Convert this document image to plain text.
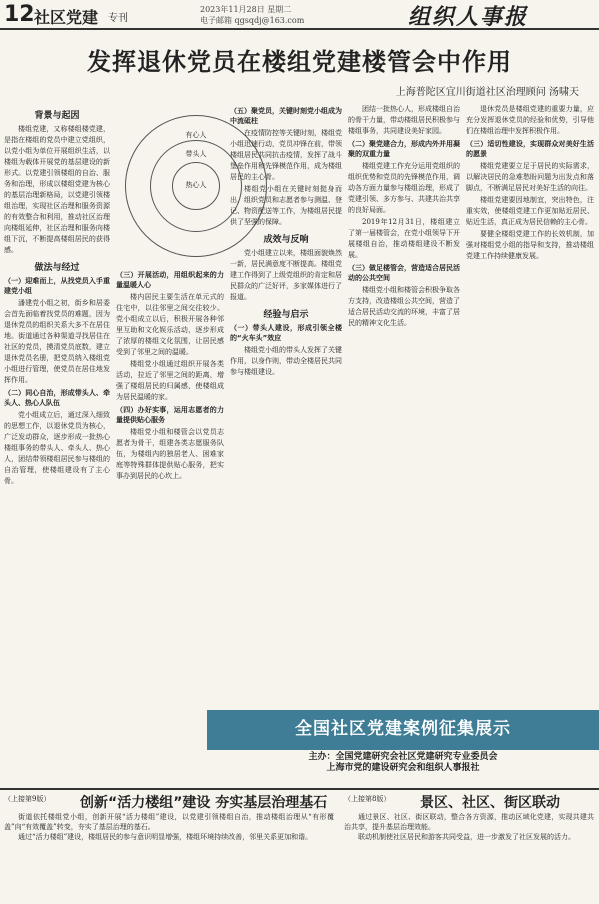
12 社区党建 专刊
2023年11月28日 星期二
电子邮箱 qgsqdj@163.com	组织人事报
发挥退休党员在楼组党建楼管会中作用
上海普陀区宜川街道社区治理顾问 汤啸天
背景与起因

楼组党建，又称楼组楼党建，是指在楼组的党员中建立党组织，以党小组为单位开展组织生活，以楼组为载体开展党的基层建设的新形式。以党建引领楼组的自治、服务和治理，形成以楼组党建为核心的基层治理新格局，以党建引领楼组治理，实现社区治理和服务资源的有效整合和利用，推动社区治理向楼组延伸，社区治理和服务向楼组下沉，不断提高楼组居民的获得感。

做法与经过
（一）迎难而上，从找党员入手重建党小组

潘建党小组之初，街乡和居委会首先面临着找党员的难题，因为退休党员的组织关系大多不在居住地。街道通过各种渠道寻找居住在社区的党员，摸清党员底数，建立退休党员名册，把党员纳入楼组党小组进行管理，使党员在居住地发挥作用。

（二）同心自治，形成带头人、牵头人、热心人队伍

党小组成立后，通过深入细致的思想工作，以退休党员为核心，广泛发动群众，逐步形成一批热心楼组事务的带头人、牵头人、热心人，团结带领楼组居民参与楼组的自治管理，使楼组建设有了主心骨。

有心人
带头人
热心人
（三）开展活动，用组织起来的力量温暖人心

楼内居民主要生活在单元式的住宅中，以往邻里之间交往较少。党小组成立以后，积极开展各种邻里互助和文化娱乐活动，逐步形成了浓厚的楼组文化氛围，让居民感受到了邻里之间的温暖。

楼组党小组通过组织开展各类活动，拉近了邻里之间的距离，增强了楼组居民的归属感，使楼组成为居民温暖的家。

（四）办好实事，运用志愿者的力量提供贴心服务

楼组党小组和楼管会以党员志愿者为骨干，组建各类志愿服务队伍，为楼组内的独居老人、困难家庭等特殊群体提供贴心服务，把实事办到居民的心坎上。

（五）聚党员，关键时刻党小组成为中流砥柱

在疫情防控等关键时刻，楼组党小组迅速行动，党员冲锋在前，带领楼组居民共同抗击疫情，发挥了战斗堡垒作用和先锋模范作用，成为楼组居民的主心骨。

楼组党小组在关键时刻挺身而出，组织党员和志愿者参与测温、登记、物资配送等工作，为楼组居民提供了坚强的保障。

成效与反响

党小组建立以来，楼组面貌焕然一新，居民满意度不断提高。楼组党建工作得到了上级党组织的肯定和居民群众的广泛好评，多家媒体进行了报道。

经验与启示
（一）带头人建设，形成引领全楼的“火车头”效应

楼组党小组的带头人发挥了关键作用，以身作则，带动全楼居民共同参与楼组建设。

团结一批热心人，形成楼组自治的骨干力量，带动楼组居民积极参与楼组事务，共同建设美好家园。

（二）聚党建合力，形成内外并用凝聚的双重力量

楼组党建工作充分运用党组织的组织优势和党员的先锋模范作用，调动各方面力量参与楼组治理，形成了党建引领、多方参与、共建共治共享的良好局面。

2019年12月31日，楼组建立了第一届楼管会，在党小组领导下开展楼组自治，推动楼组建设不断发展。

（三）做足楼管会，营造适合居民活动的公共空间

楼组党小组和楼管会积极争取各方支持，改造楼组公共空间，营造了适合居民活动交流的环境，丰富了居民的精神文化生活。

退休党员是楼组党建的重要力量，应充分发挥退休党员的经验和优势，引导他们在楼组治理中发挥积极作用。

（三）适切性建设，实现群众对美好生活的愿景

楼组党建要立足于居民的实际需求，以解决居民的急难愁盼问题为出发点和落脚点，不断满足居民对美好生活的向往。

楼组党建要因地制宜，突出特色，注重实效，使楼组党建工作更加贴近居民、贴近生活，真正成为居民信赖的主心骨。

要健全楼组党建工作的长效机制，加强对楼组党小组的指导和支持，推动楼组党建工作持续健康发展。

全国社区党建案例征集展示
主办：全国党建研究会社区党建研究专业委员会
上海市党的建设研究会和组织人事报社
（上接第9版） 创新“活力楼组”建设 夯实基层治理基石

街道依托楼组党小组，创新开展“活力楼组”建设，以党建引领楼组自治，推动楼组治理从“有形覆盖”向“有效覆盖”转变，夯实了基层治理的基石。

通过“活力楼组”建设，楼组居民的参与意识明显增强，楼组环境持续改善，邻里关系更加和谐。

（上接第8版） 景区、社区、街区联动

通过景区、社区、街区联动，整合各方资源，推动区域化党建，实现共建共治共享，提升基层治理效能。

联动机制使社区居民和游客共同受益，进一步激发了社区发展的活力。
